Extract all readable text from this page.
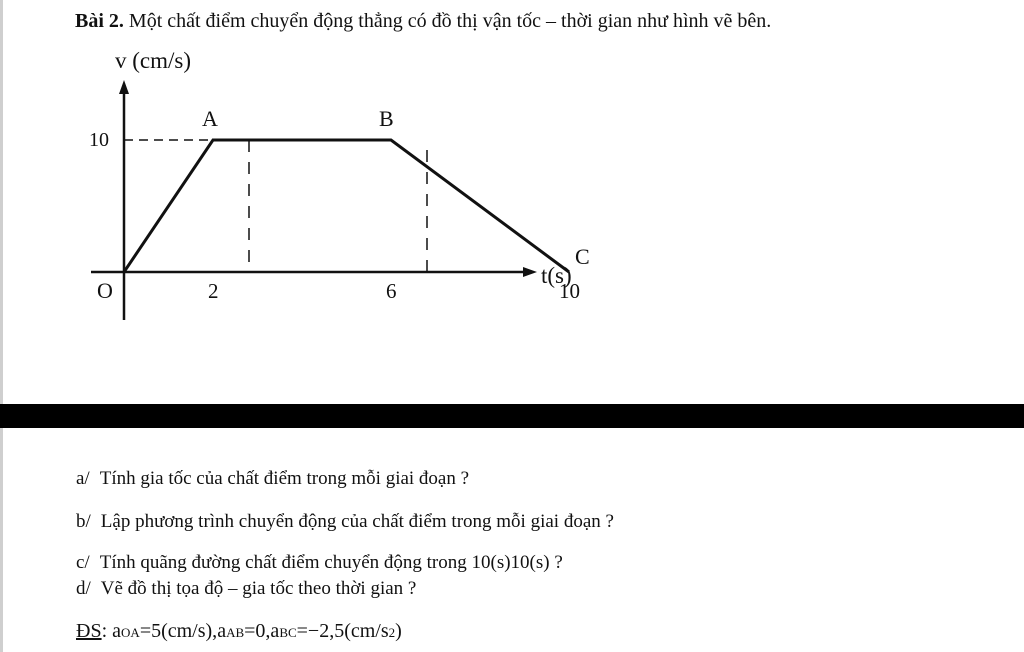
Bài 2. Một chất điểm chuyển động thẳng có đồ thị vận tốc – thời gian như hình vẽ bên.
A	B
C
2	6	10
v (cm/s)
10
O
t(s)
a/ Tính gia tốc của chất điểm trong mỗi giai đoạn ?
b/ Lập phương trình chuyển động của chất điểm trong mỗi giai đoạn ?
c/ Tính quãng đường chất điểm chuyển động trong 10(s)10(s) ?
d/ Vẽ đồ thị tọa độ – gia tốc theo thời gian ?
ĐS: aOA=5(cm/s),aAB=0,aBC=−2,5(cm/s2)
